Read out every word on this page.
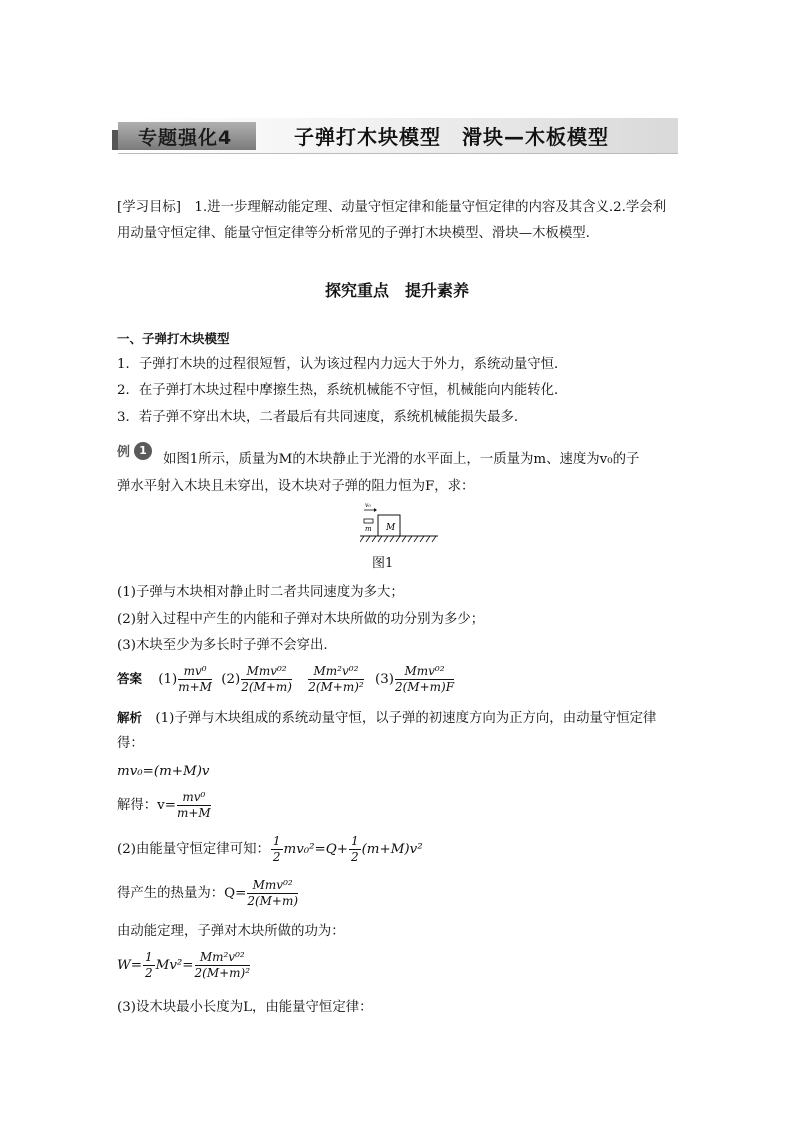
专题强化4	子弹打木块模型　滑块—木板模型
[学习目标]　1.进一步理解动能定理、动量守恒定律和能量守恒定律的内容及其含义.2.学会利
用动量守恒定律、能量守恒定律等分析常见的子弹打木块模型、滑块—木板模型.
探究重点　提升素养
一、子弹打木块模型
1．子弹打木块的过程很短暂，认为该过程内力远大于外力，系统动量守恒．
2．在子弹打木块过程中摩擦生热，系统机械能不守恒，机械能向内能转化．
3．若子弹不穿出木块，二者最后有共同速度，系统机械能损失最多．
例 1
如图1所示，质量为M的木块静止于光滑的水平面上，一质量为m、速度为v₀的子
弹水平射入木块且未穿出，设木块对子弹的阻力恒为F，求：
M
m
v₀
图1
(1)子弹与木块相对静止时二者共同速度为多大；
(2)射入过程中产生的内能和子弹对木块所做的功分别为多少；
(3)木块至少为多长时子弹不会穿出.
答案 $(1) \frac{\text{mv⁰}}{m+M} (2) \frac{\text{Mmv⁰²}}{2(M+m)}$
$\frac{\text{Mm²v⁰²}}{\text{2(M+m)²}} (3) \frac{\text{Mmv⁰²}}{2(M+m)F}$
解析　 (1)子弹与木块组成的系统动量守恒，以子弹的初速度方向为正方向，由动量守恒定律
得：
mv₀=(m+M)v
解得：$v= \frac{\text{mv⁰}}{m+M}$
(2)由能量守恒定律可知： $\frac{1}{2} mv_0^2=Q+ \frac{1}{2} (m+M)v^2$
得产生的热量为：$Q= \frac{\text{Mmv⁰²}}{2(M+m)}$
由动能定理，子弹对木块所做的功为：
$W= \frac{1}{2} Mv^2= \frac{\text{Mm²v⁰²}}{\text{2(M+m)²}}$
(3)设木块最小长度为L，由能量守恒定律：
